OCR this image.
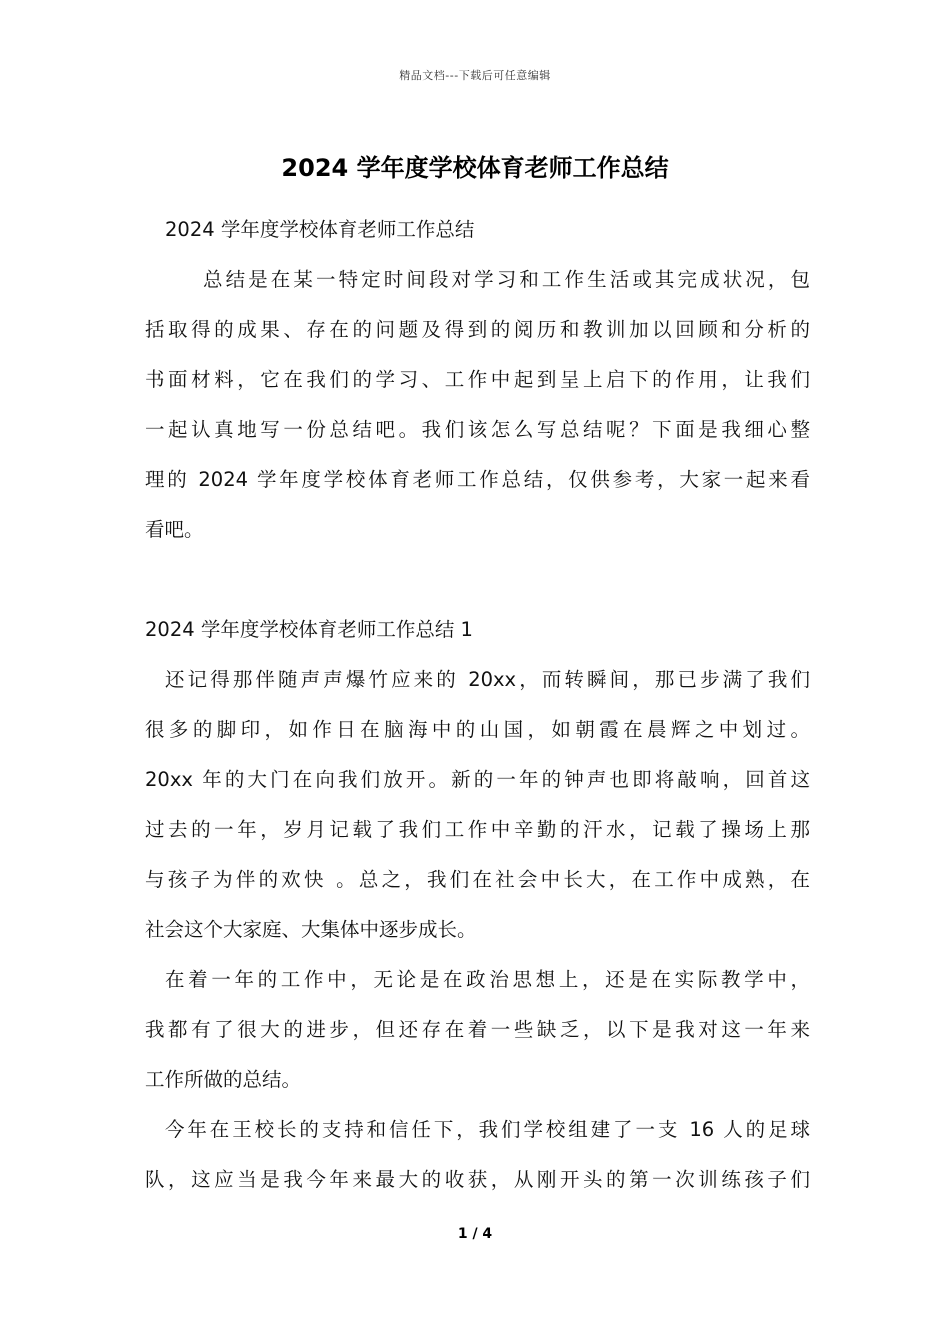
精品文档---下载后可任意编辑
2024 学年度学校体育老师工作总结
2024 学年度学校体育老师工作总结
总结是在某一特定时间段对学习和工作生活或其完成状况，包
括取得的成果、存在的问题及得到的阅历和教训加以回顾和分析的
书面材料，它在我们的学习、工作中起到呈上启下的作用，让我们
一起认真地写一份总结吧。我们该怎么写总结呢？下面是我细心整
理的 2024 学年度学校体育老师工作总结，仅供参考，大家一起来看
看吧。
2024 学年度学校体育老师工作总结 1
还记得那伴随声声爆竹应来的 20xx，而转瞬间，那已步满了我们
很多的脚印，如作日在脑海中的山国，如朝霞在晨辉之中划过。
20xx 年的大门在向我们放开。新的一年的钟声也即将敲响，回首这
过去的一年，岁月记载了我们工作中辛勤的汗水，记载了操场上那
与孩子为伴的欢快 。总之，我们在社会中长大，在工作中成熟，在
社会这个大家庭、大集体中逐步成长。
在着一年的工作中，无论是在政治思想上，还是在实际教学中，
我都有了很大的进步，但还存在着一些缺乏，以下是我对这一年来
工作所做的总结。
今年在王校长的支持和信任下，我们学校组建了一支 16 人的足球
队，这应当是我今年来最大的收获，从刚开头的第一次训练孩子们
1 / 4
